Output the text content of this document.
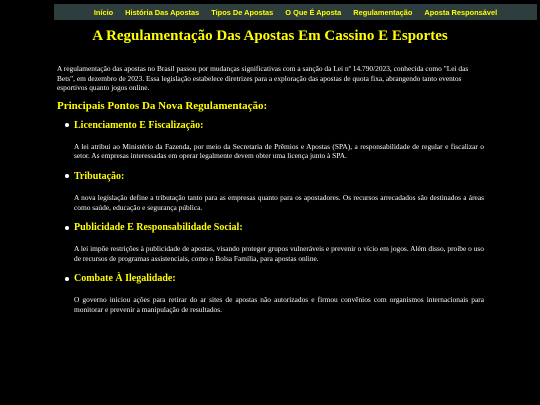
Início	História Das Apostas	Tipos De Apostas	O Que É Aposta	Regulamentação	Aposta Responsável
A Regulamentação Das Apostas Em Cassino E Esportes

A regulamentação das apostas no Brasil passou por mudanças significativas com a sanção da Lei nº 14.790/2023, conhecida como "Lei das Bets", em dezembro de 2023. Essa legislação estabelece diretrizes para a exploração das apostas de quota fixa, abrangendo tanto eventos esportivos quanto jogos online.

Principais Pontos Da Nova Regulamentação:
Licenciamento E Fiscalização:

A lei atribui ao Ministério da Fazenda, por meio da Secretaria de Prêmios e Apostas (SPA), a responsabilidade de regular e fiscalizar o setor. As empresas interessadas em operar legalmente devem obter uma licença junto à SPA.

Tributação:

A nova legislação define a tributação tanto para as empresas quanto para os apostadores. Os recursos arrecadados são destinados a áreas como saúde, educação e segurança pública.

Publicidade E Responsabilidade Social:

A lei impõe restrições à publicidade de apostas, visando proteger grupos vulneráveis e prevenir o vício em jogos. Além disso, proíbe o uso de recursos de programas assistenciais, como o Bolsa Família, para apostas online.

Combate À Ilegalidade:

O governo iniciou ações para retirar do ar sites de apostas não autorizados e firmou convênios com organismos internacionais para monitorar e prevenir a manipulação de resultados.
